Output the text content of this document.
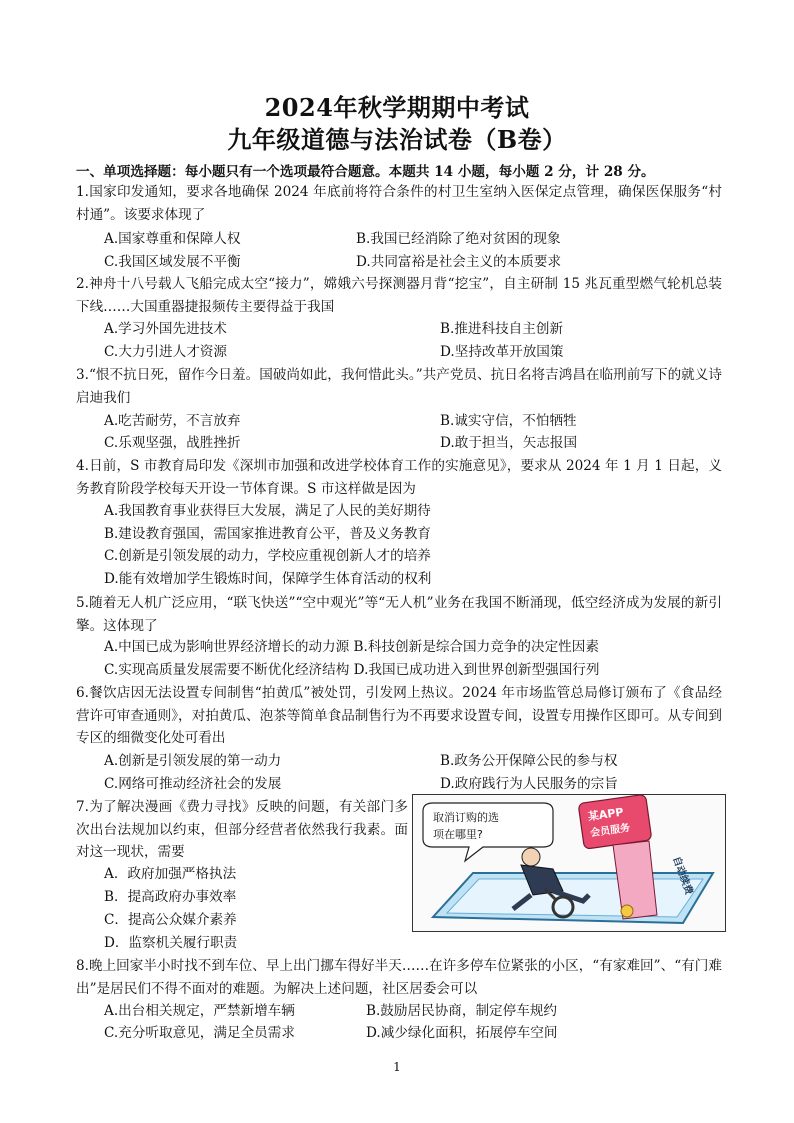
2024年秋学期期中考试
九年级道德与法治试卷（B卷）
一、单项选择题：每小题只有一个选项最符合题意。本题共 14 小题，每小题 2 分，计 28 分。
1.国家印发通知，要求各地确保 2024 年底前将符合条件的村卫生室纳入医保定点管理，确保医保服务“村村通”。该要求体现了
A.国家尊重和保障人权	B.我国已经消除了绝对贫困的现象
C.我国区域发展不平衡	D.共同富裕是社会主义的本质要求
2.神舟十八号载人飞船完成太空“接力”，嫦娥六号探测器月背“挖宝”，自主研制 15 兆瓦重型燃气轮机总装下线……大国重器捷报频传主要得益于我国
A.学习外国先进技术	B.推进科技自主创新
C.大力引进人才资源	D.坚持改革开放国策
3.“恨不抗日死，留作今日羞。国破尚如此，我何惜此头。”共产党员、抗日名将吉鸿昌在临刑前写下的就义诗启迪我们
A.吃苦耐劳，不言放弃	B.诚实守信，不怕牺牲
C.乐观坚强，战胜挫折	D.敢于担当，矢志报国
4.日前，S 市教育局印发《深圳市加强和改进学校体育工作的实施意见》，要求从 2024 年 1 月 1 日起，义务教育阶段学校每天开设一节体育课。S 市这样做是因为
A.我国教育事业获得巨大发展，满足了人民的美好期待
B.建设教育强国，需国家推进教育公平，普及义务教育
C.创新是引领发展的动力，学校应重视创新人才的培养
D.能有效增加学生锻炼时间，保障学生体育活动的权利
5.随着无人机广泛应用，“联飞快送”“空中观光”等“无人机”业务在我国不断涌现，低空经济成为发展的新引擎。这体现了
A.中国已成为影响世界经济增长的动力源 B.科技创新是综合国力竞争的决定性因素
C.实现高质量发展需要不断优化经济结构 D.我国已成功进入到世界创新型强国行列
6.餐饮店因无法设置专间制售“拍黄瓜”被处罚，引发网上热议。2024 年市场监管总局修订颁布了《食品经营许可审查通则》，对拍黄瓜、泡茶等简单食品制售行为不再要求设置专间，设置专用操作区即可。从专间到专区的细微变化处可看出
A.创新是引领发展的第一动力	B.政务公开保障公民的参与权
C.网络可推动经济社会的发展	D.政府践行为人民服务的宗旨
7.为了解决漫画《费力寻找》反映的问题，有关部门多次出台法规加以约束，但部分经营者依然我行我素。面对这一现状，需要
A．政府加强严格执法
B．提高政府办事效率
C．提高公众媒介素养
D．监察机关履行职责
取消订购的选
项在哪里?
某APP
会员服务
自动续费
8.晚上回家半小时找不到车位、早上出门挪车得好半天……在许多停车位紧张的小区，“有家难回”、“有门难出”是居民们不得不面对的难题。为解决上述问题，社区居委会可以
A.出台相关规定，严禁新增车辆	B.鼓励居民协商，制定停车规约
C.充分听取意见，满足全员需求	D.减少绿化面积，拓展停车空间
1
